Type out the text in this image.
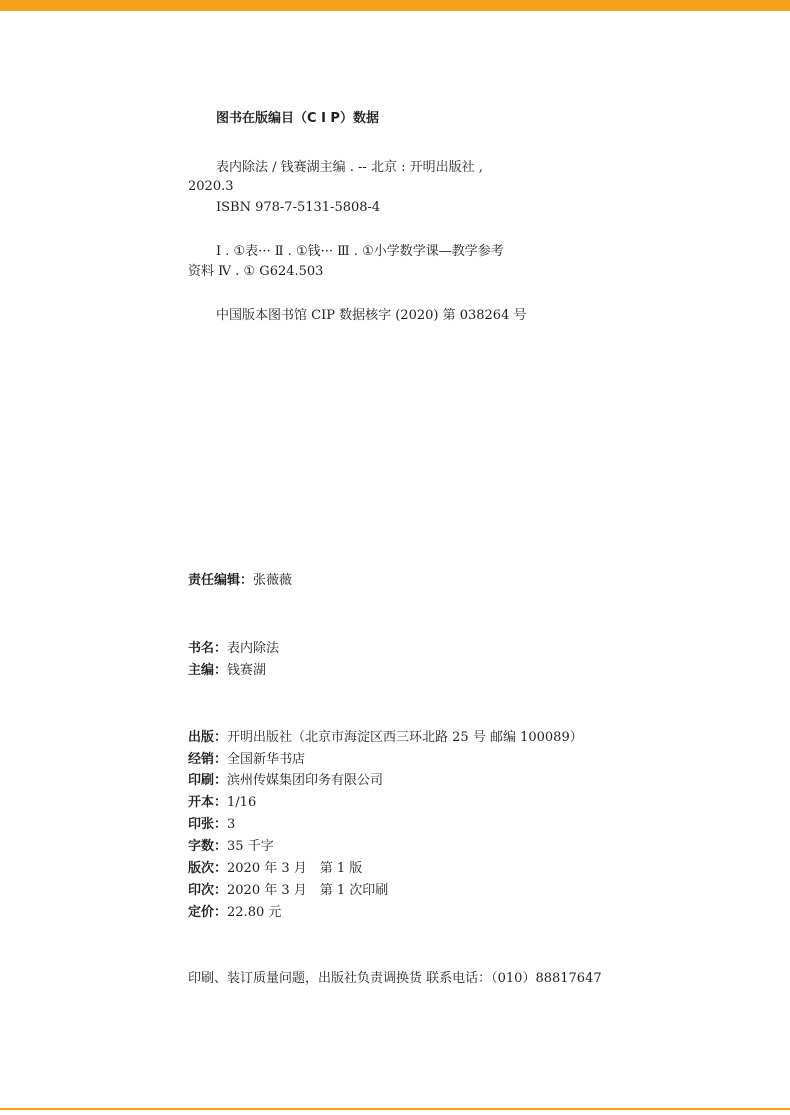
图书在版编目（C I P）数据
表内除法 / 钱赛湖主编 . -- 北京 : 开明出版社 ,
2020.3
ISBN 978-7-5131-5808-4
Ⅰ . ①表··· Ⅱ . ①钱··· Ⅲ . ①小学数学课—教学参考
资料 Ⅳ . ① G624.503
中国版本图书馆 CIP 数据核字 (2020) 第 038264 号
责任编辑：张薇薇
书名：表内除法
主编：钱赛湖
出版：开明出版社（北京市海淀区西三环北路 25 号 邮编 100089）
经销：全国新华书店
印刷：滨州传媒集团印务有限公司
开本：1/16
印张：3
字数：35 千字
版次：2020 年 3 月　第 1 版
印次：2020 年 3 月　第 1 次印刷
定价：22.80 元
印刷、装订质量问题，出版社负责调换货 联系电话：（010）88817647
